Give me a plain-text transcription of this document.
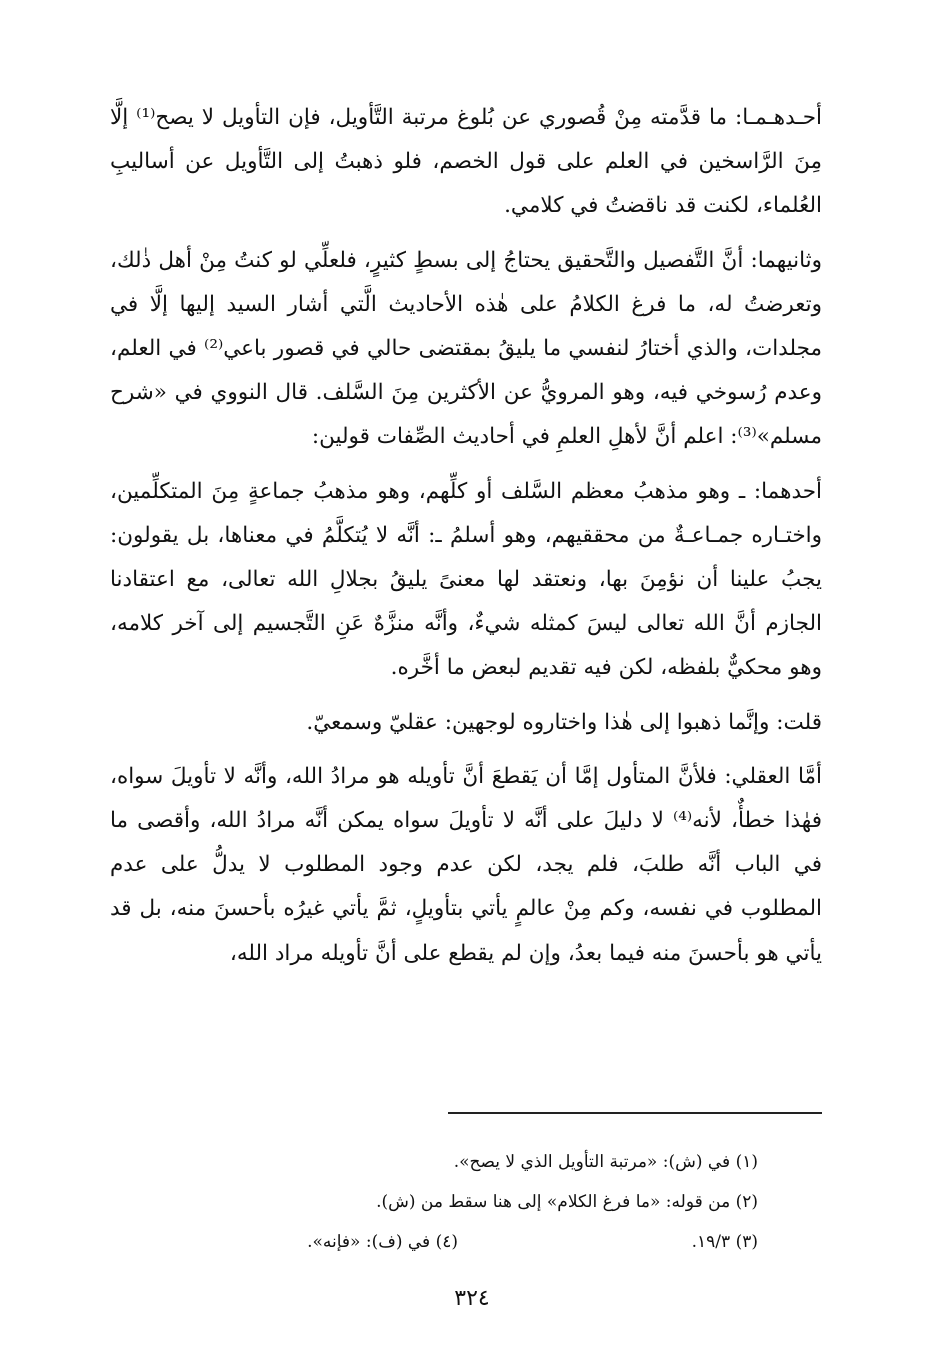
أحـدهـمـا: ما قدَّمته مِنْ قُصوري عن بُلوغ مرتبة التَّأويل، فإن التأويل لا يصح⁽¹⁾ إلَّا مِنَ الرَّاسخين في العلم على قول الخصم، فلو ذهبتُ إلى التَّأويل عن أساليبِ العُلماء، لكنت قد ناقضتُ في كلامي.

وثانيهما: أنَّ التَّفصيل والتَّحقيق يحتاجُ إلى بسطٍ كثيرٍ، فلعلِّي لو كنتُ مِنْ أهل ذٰلك، وتعرضتُ له، ما فرغ الكلامُ على هٰذه الأحاديث الَّتي أشار السيد إليها إلَّا في مجلدات، والذي أختارُ لنفسي ما يليقُ بمقتضى حالي في قصور باعي⁽²⁾ في العلم، وعدم رُسوخي فيه، وهو المرويُّ عن الأكثرين مِنَ السَّلف. قال النووي في «شرح مسلم»⁽³⁾: اعلم أنَّ لأهلِ العلمِ في أحاديث الصِّفات قولين:

أحدهما: ـ وهو مذهبُ معظم السَّلف أو كلِّهم، وهو مذهبُ جماعةٍ مِنَ المتكلِّمين، واختـاره جمـاعـةٌ من محققيهم، وهو أسلمُ ـ: أنَّه لا يُتكلَّمُ في معناها، بل يقولون: يجبُ علينا أن نؤمِنَ بها، ونعتقد لها معنىً يليقُ بجلالِ الله تعالى، مع اعتقادنا الجازم أنَّ الله تعالى ليسَ كمثله شيءٌ، وأنَّه منزَّهٌ عَنِ التَّجسيم إلى آخر كلامه، وهو محكيٌّ بلفظه، لكن فيه تقديم لبعض ما أخَّره.

قلت: وإنَّما ذهبوا إلى هٰذا واختاروه لوجهين: عقليّ وسمعيّ.

أمَّا العقلي: فلأنَّ المتأول إمَّا أن يَقطعَ أنَّ تأويله هو مرادُ الله، وأنَّه لا تأويلَ سواه، فهٰذا خطأٌ، لأنه⁽⁴⁾ لا دليلَ على أنَّه لا تأويلَ سواه يمكن أنَّه مرادُ الله، وأقصى ما في الباب أنَّه طلبَ، فلم يجد، لكن عدم وجود المطلوب لا يدلُّ على عدم المطلوب في نفسه، وكم مِنْ عالمٍ يأتي بتأويلٍ، ثمَّ يأتي غيرُه بأحسنَ منه، بل قد يأتي هو بأحسنَ منه فيما بعدُ، وإن لم يقطع على أنَّ تأويله مراد الله،

(١) في (ش): «مرتبة التأويل الذي لا يصح».

(٢) من قوله: «ما فرغ الكلام» إلى هنا سقط من (ش).

(٣) ١٩/٣.
(٤) في (ف): «فإنه».
٣٢٤
